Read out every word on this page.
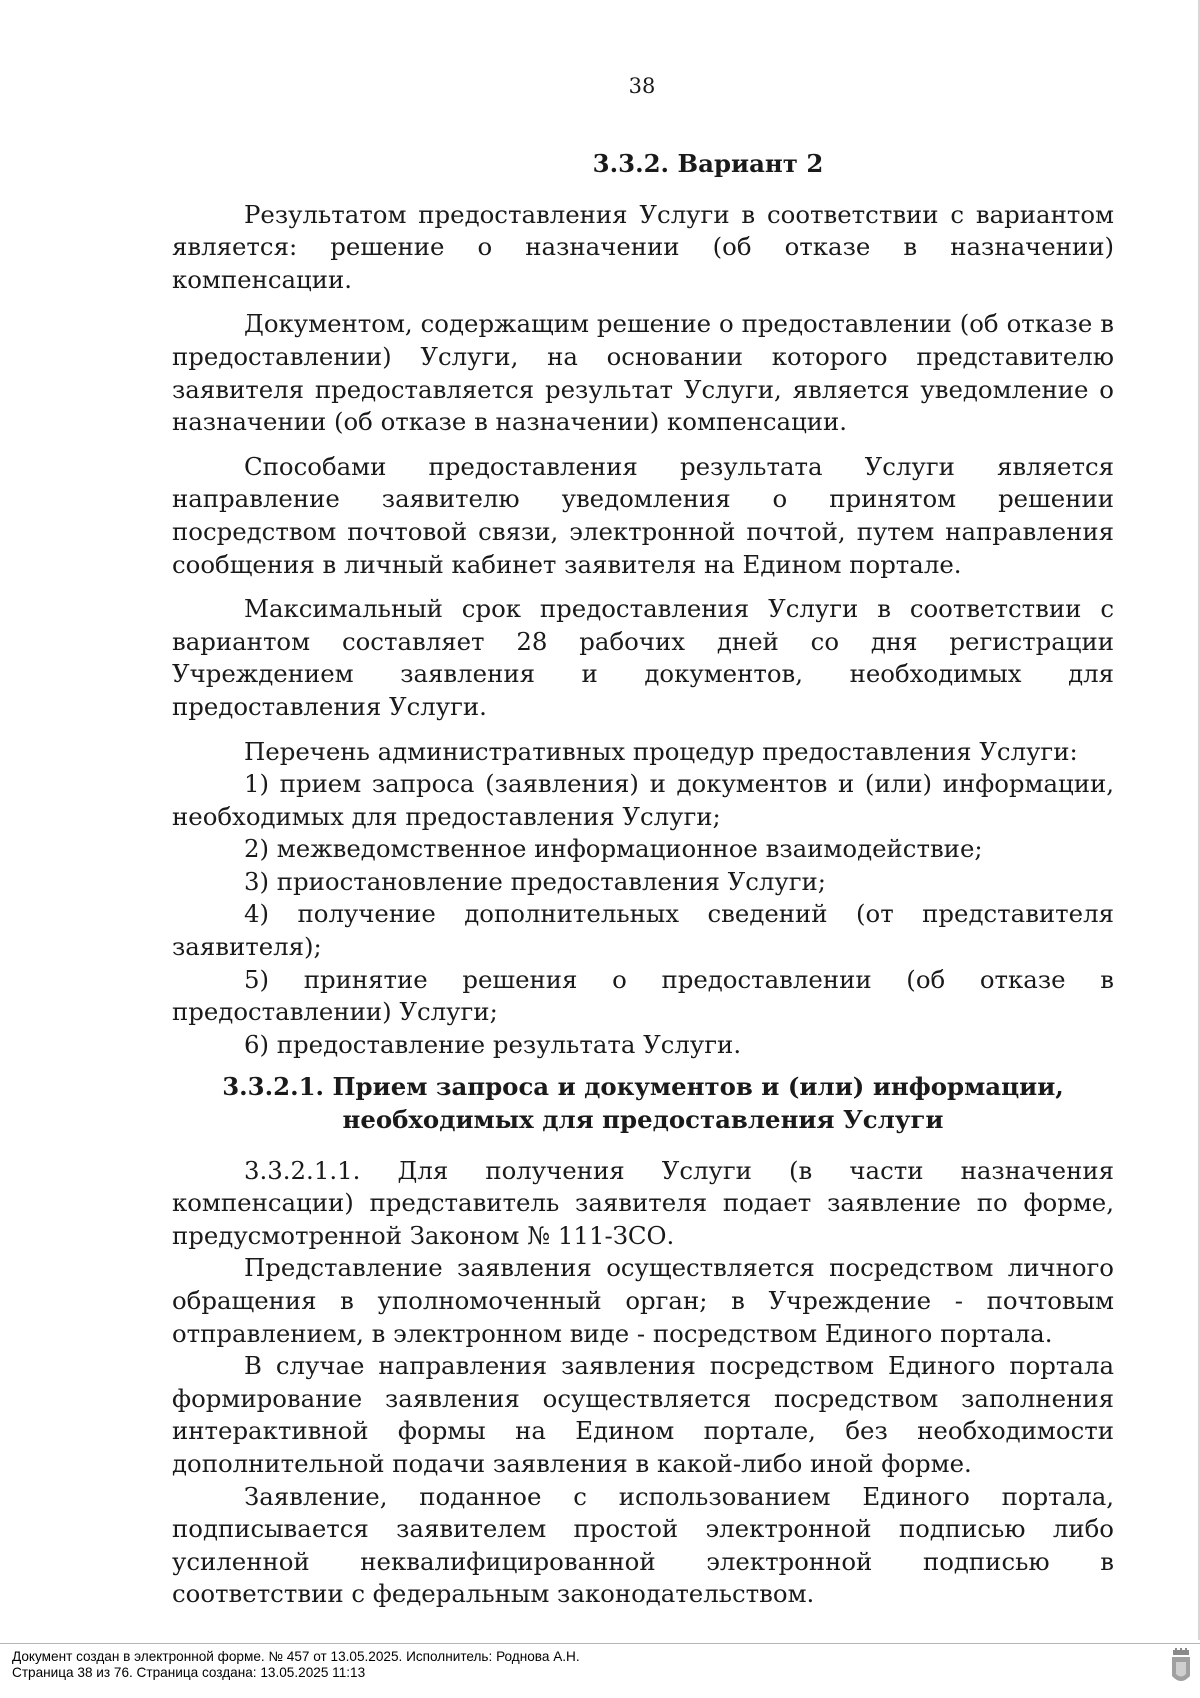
38
3.3.2. Вариант 2

Результатом предоставления Услуги в соответствии с вариантом является: решение о назначении (об отказе в назначении) компенсации.

Документом, содержащим решение о предоставлении (об отказе в предоставлении) Услуги, на основании которого представителю заявителя предоставляется результат Услуги, является уведомление о назначении (об отказе в назначении) компенсации.

Способами предоставления результата Услуги является направление заявителю уведомления о принятом решении посредством почтовой связи, электронной почтой, путем направления сообщения в личный кабинет заявителя на Едином портале.

Максимальный срок предоставления Услуги в соответствии с вариантом составляет 28 рабочих дней со дня регистрации Учреждением заявления и документов, необходимых для предоставления Услуги.

Перечень административных процедур предоставления Услуги:

1) прием запроса (заявления) и документов и (или) информации, необходимых для предоставления Услуги;

2) межведомственное информационное взаимодействие;

3) приостановление предоставления Услуги;

4) получение дополнительных сведений (от представителя заявителя);

5) принятие решения о предоставлении (об отказе в предоставлении) Услуги;

6) предоставление результата Услуги.

3.3.2.1. Прием запроса и документов и (или) информации, необходимых для предоставления Услуги

3.3.2.1.1. Для получения Услуги (в части назначения компенсации) представитель заявителя подает заявление по форме, предусмотренной Законом № 111-ЗСО.

Представление заявления осуществляется посредством личного обращения в уполномоченный орган; в Учреждение - почтовым отправлением, в электронном виде - посредством Единого портала.

В случае направления заявления посредством Единого портала формирование заявления осуществляется посредством заполнения интерактивной формы на Едином портале, без необходимости дополнительной подачи заявления в какой-либо иной форме.

Заявление, поданное с использованием Единого портала, подписывается заявителем простой электронной подписью либо усиленной неквалифицированной электронной подписью в соответствии с федеральным законодательством.

Документ создан в электронной форме. № 457 от 13.05.2025. Исполнитель: Роднова А.Н.
Страница 38 из 76. Страница создана: 13.05.2025 11:13
